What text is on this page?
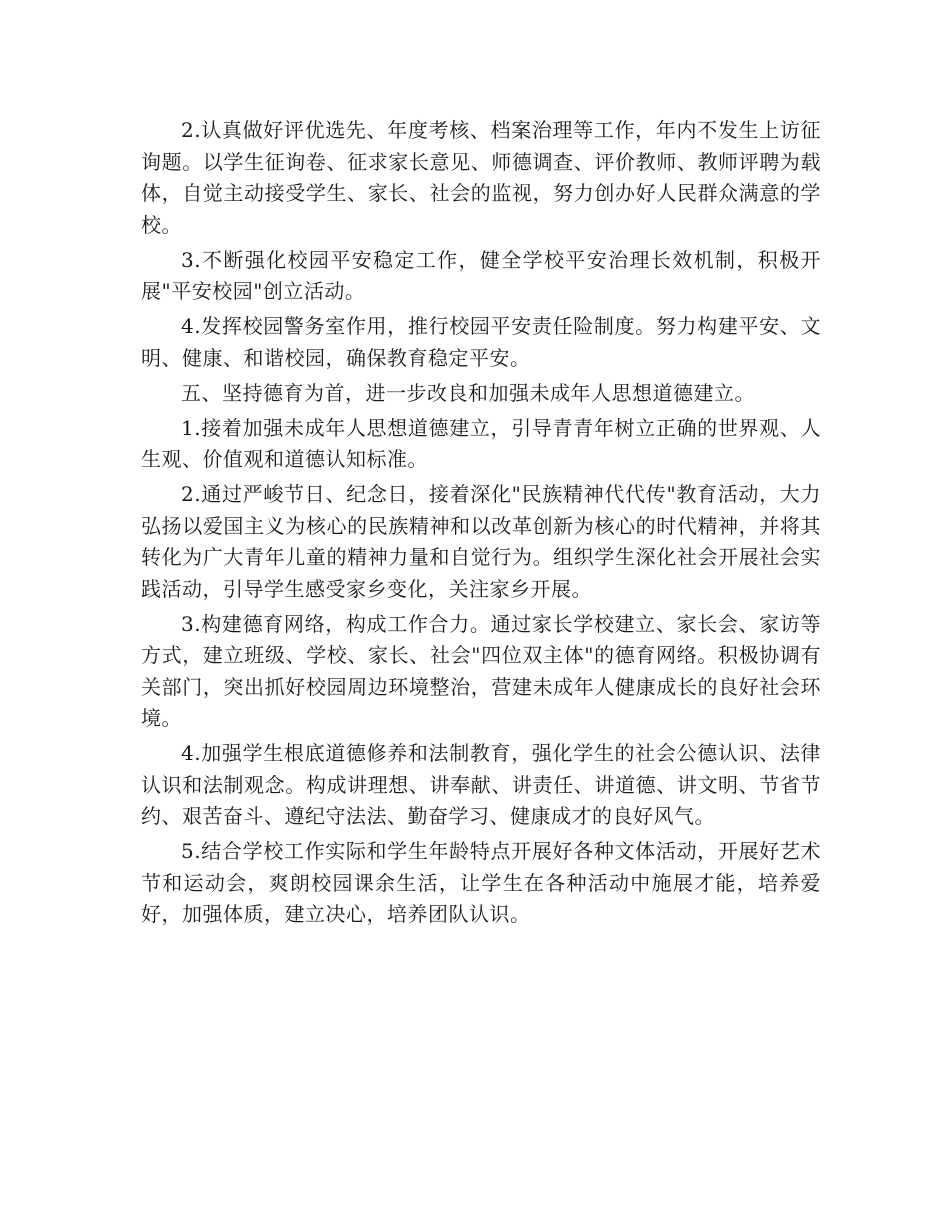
2.认真做好评优选先、年度考核、档案治理等工作，年内不发生上访征询题。以学生征询卷、征求家长意见、师德调查、评价教师、教师评聘为载体，自觉主动接受学生、家长、社会的监视，努力创办好人民群众满意的学校。

3.不断强化校园平安稳定工作，健全学校平安治理长效机制，积极开展"平安校园"创立活动。

4.发挥校园警务室作用，推行校园平安责任险制度。努力构建平安、文明、健康、和谐校园，确保教育稳定平安。

五、坚持德育为首，进一步改良和加强未成年人思想道德建立。

1.接着加强未成年人思想道德建立，引导青青年树立正确的世界观、人生观、价值观和道德认知标准。

2.通过严峻节日、纪念日，接着深化"民族精神代代传"教育活动，大力弘扬以爱国主义为核心的民族精神和以改革创新为核心的时代精神，并将其转化为广大青年儿童的精神力量和自觉行为。组织学生深化社会开展社会实践活动，引导学生感受家乡变化，关注家乡开展。

3.构建德育网络，构成工作合力。通过家长学校建立、家长会、家访等方式，建立班级、学校、家长、社会"四位双主体"的德育网络。积极协调有关部门，突出抓好校园周边环境整治，营建未成年人健康成长的良好社会环境。

4.加强学生根底道德修养和法制教育，强化学生的社会公德认识、法律认识和法制观念。构成讲理想、讲奉献、讲责任、讲道德、讲文明、节省节约、艰苦奋斗、遵纪守法法、勤奋学习、健康成才的良好风气。

5.结合学校工作实际和学生年龄特点开展好各种文体活动，开展好艺术节和运动会，爽朗校园课余生活，让学生在各种活动中施展才能，培养爱好，加强体质，建立决心，培养团队认识。
